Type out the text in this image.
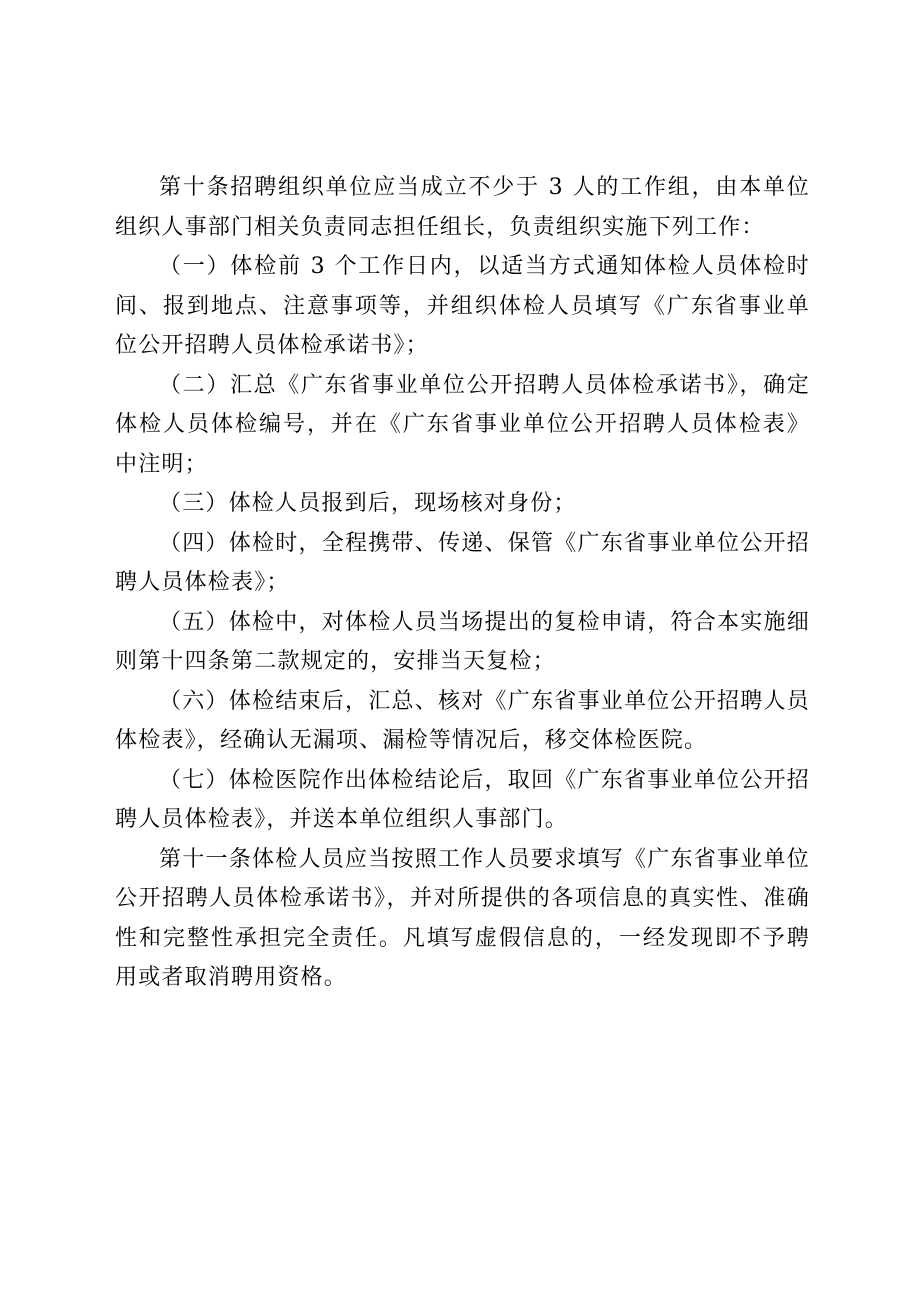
第十条招聘组织单位应当成立不少于 3 人的工作组，由本单位组织人事部门相关负责同志担任组长，负责组织实施下列工作：

（一）体检前 3 个工作日内，以适当方式通知体检人员体检时间、报到地点、注意事项等，并组织体检人员填写《广东省事业单位公开招聘人员体检承诺书》；

（二）汇总《广东省事业单位公开招聘人员体检承诺书》，确定体检人员体检编号，并在《广东省事业单位公开招聘人员体检表》中注明；

（三）体检人员报到后，现场核对身份；

（四）体检时，全程携带、传递、保管《广东省事业单位公开招聘人员体检表》；

（五）体检中，对体检人员当场提出的复检申请，符合本实施细则第十四条第二款规定的，安排当天复检；

（六）体检结束后，汇总、核对《广东省事业单位公开招聘人员体检表》，经确认无漏项、漏检等情况后，移交体检医院。

（七）体检医院作出体检结论后，取回《广东省事业单位公开招聘人员体检表》，并送本单位组织人事部门。

第十一条体检人员应当按照工作人员要求填写《广东省事业单位公开招聘人员体检承诺书》，并对所提供的各项信息的真实性、准确性和完整性承担完全责任。凡填写虚假信息的，一经发现即不予聘用或者取消聘用资格。
